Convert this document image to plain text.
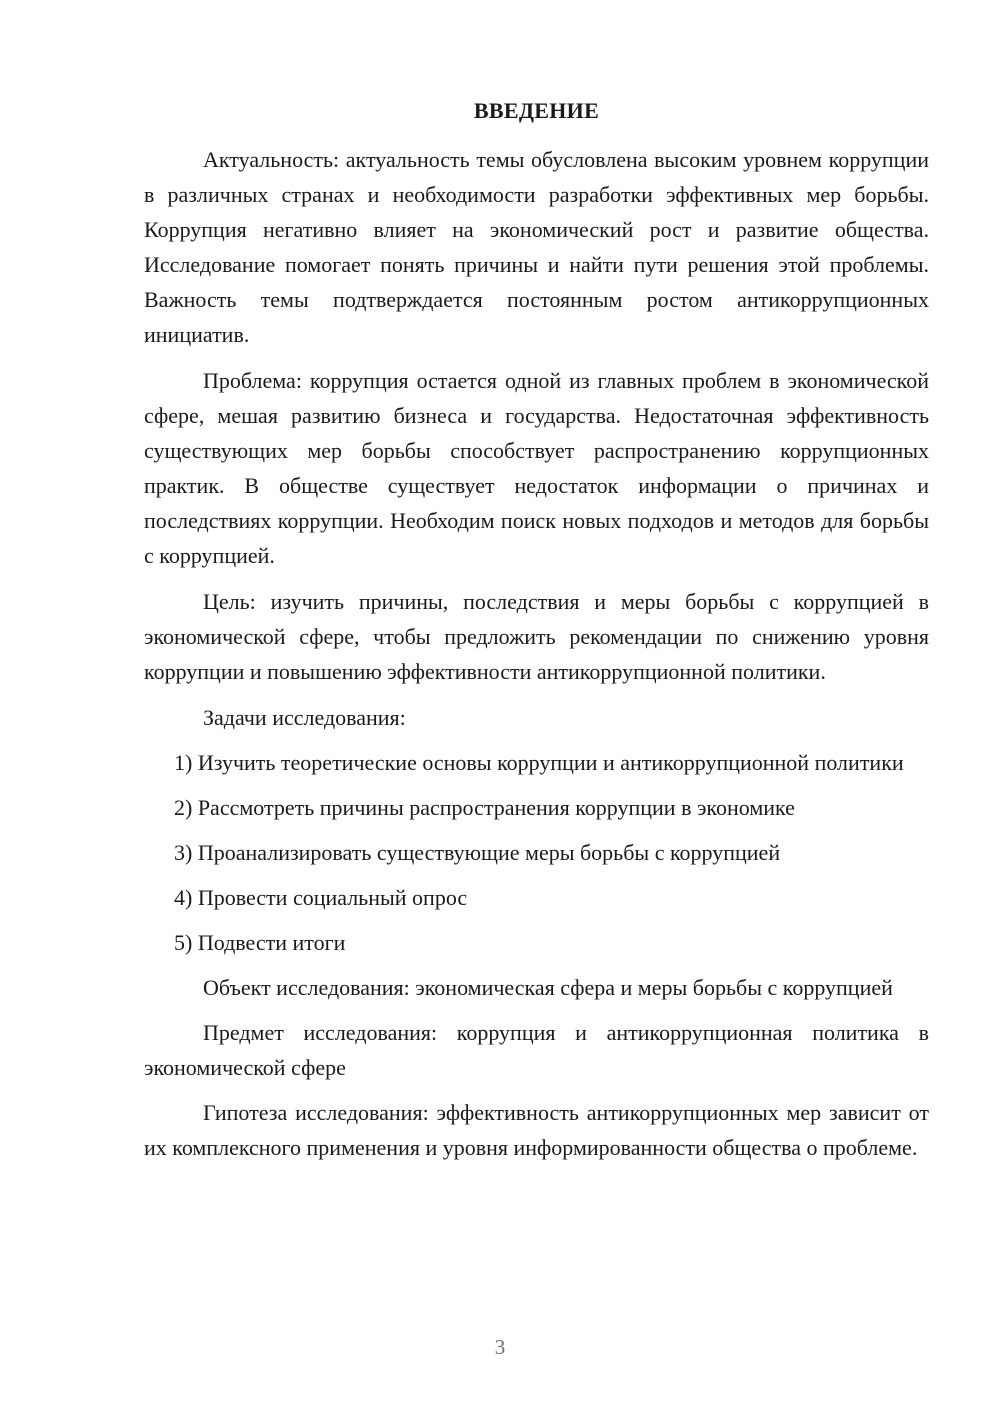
ВВЕДЕНИЕ

Актуальность: актуальность темы обусловлена высоким уровнем коррупции в различных странах и необходимости разработки эффективных мер борьбы. Коррупция негативно влияет на экономический рост и развитие общества. Исследование помогает понять причины и найти пути решения этой проблемы. Важность темы подтверждается постоянным ростом антикоррупционных инициатив.

Проблема: коррупция остается одной из главных проблем в экономической сфере, мешая развитию бизнеса и государства. Недостаточная эффективность существующих мер борьбы способствует распространению коррупционных практик. В обществе существует недостаток информации о причинах и последствиях коррупции. Необходим поиск новых подходов и методов для борьбы с коррупцией.

Цель: изучить причины, последствия и меры борьбы с коррупцией в экономической сфере, чтобы предложить рекомендации по снижению уровня коррупции и повышению эффективности антикоррупционной политики.

Задачи исследования:

1) Изучить теоретические основы коррупции и антикоррупционной политики

2) Рассмотреть причины распространения коррупции в экономике

3) Проанализировать существующие меры борьбы с коррупцией

4) Провести социальный опрос

5) Подвести итоги

Объект исследования: экономическая сфера и меры борьбы с коррупцией

Предмет исследования: коррупция и антикоррупционная политика в экономической сфере

Гипотеза исследования: эффективность антикоррупционных мер зависит от их комплексного применения и уровня информированности общества о проблеме.

3
